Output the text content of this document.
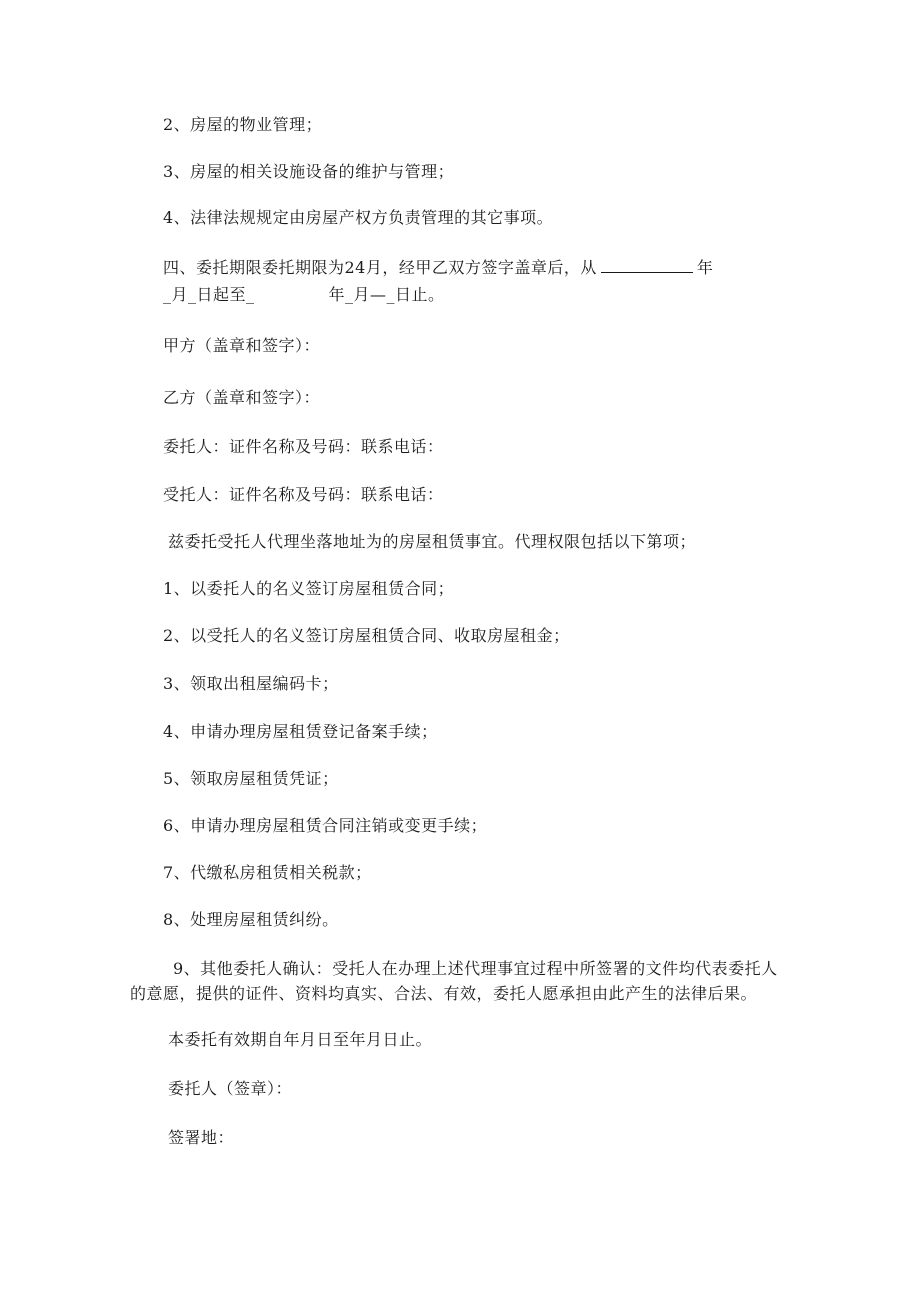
2、房屋的物业管理；
3、房屋的相关设施设备的维护与管理；
4、法律法规规定由房屋产权方负责管理的其它事项。
四、委托期限委托期限为24月，经甲乙双方签字盖章后，从	年
_月_日起至_	年_月—_日止。
甲方（盖章和签字）：
乙方（盖章和签字）：
委托人：证件名称及号码：联系电话：
受托人：证件名称及号码：联系电话：
兹委托受托人代理坐落地址为的房屋租赁事宜。代理权限包括以下第项；
1、以委托人的名义签订房屋租赁合同；
2、以受托人的名义签订房屋租赁合同、收取房屋租金；
3、领取出租屋编码卡；
4、申请办理房屋租赁登记备案手续；
5、领取房屋租赁凭证；
6、申请办理房屋租赁合同注销或变更手续；
7、代缴私房租赁相关税款；
8、处理房屋租赁纠纷。
9、其他委托人确认：受托人在办理上述代理事宜过程中所签署的文件均代表委托人
的意愿，提供的证件、资料均真实、合法、有效，委托人愿承担由此产生的法律后果。
本委托有效期自年月日至年月日止。
委托人（签章）：
签署地：
